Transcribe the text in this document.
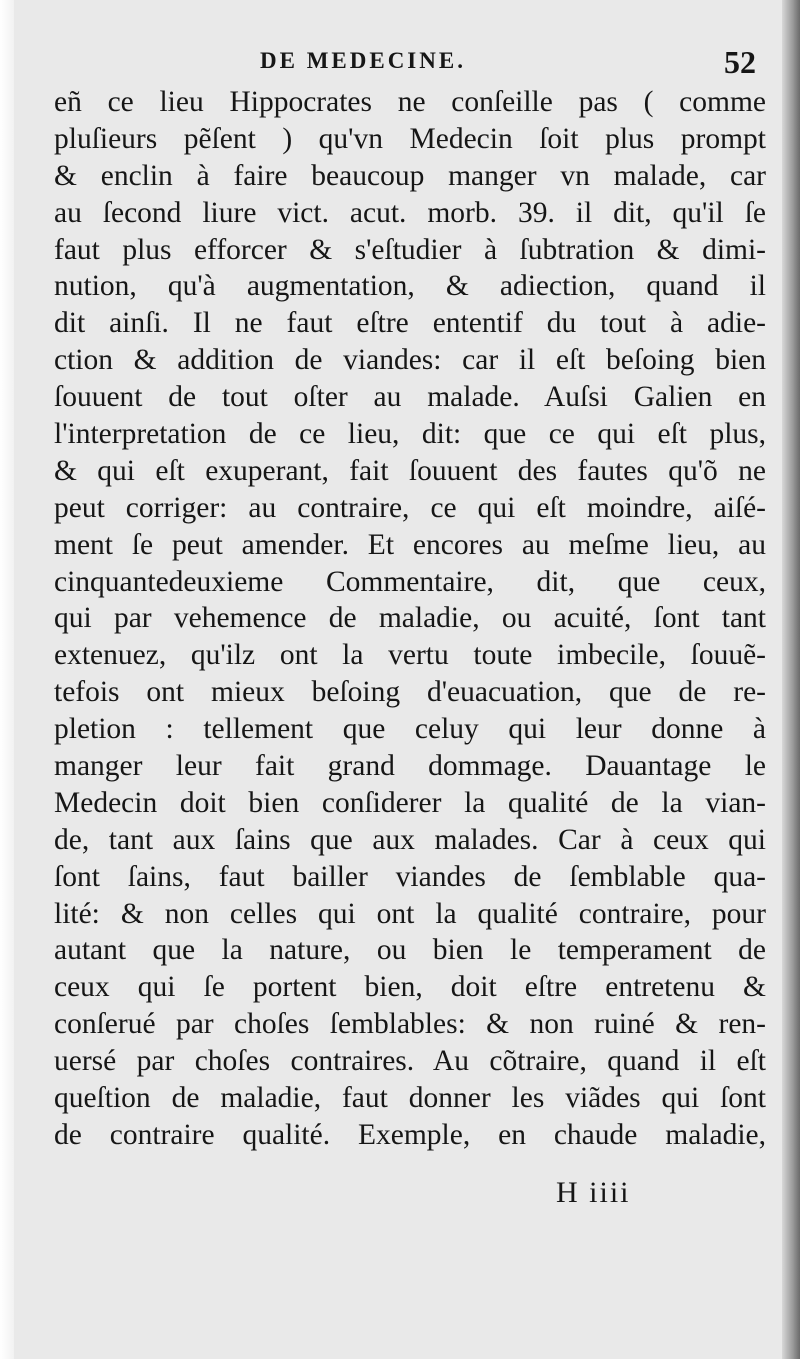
DE MEDECINE.	52
eñ ce lieu Hippocrates ne conſeille pas ( comme
pluſieurs pẽſent ) qu'vn Medecin ſoit plus prompt
& enclin à faire beaucoup manger vn malade, car
au ſecond liure vict. acut. morb. 39. il dit, qu'il ſe
faut plus efforcer & s'eſtudier à ſubtration & dimi-
nution, qu'à augmentation, & adiection, quand il
dit ainſi. Il ne faut eſtre ententif du tout à adie-
ction & addition de viandes: car il eſt beſoing bien
ſouuent de tout oſter au malade. Auſsi Galien en
l'interpretation de ce lieu, dit: que ce qui eſt plus,
& qui eſt exuperant, fait ſouuent des fautes qu'õ ne
peut corriger: au contraire, ce qui eſt moindre, aiſé-
ment ſe peut amender. Et encores au meſme lieu, au
cinquantedeuxieme Commentaire, dit, que ceux,
qui par vehemence de maladie, ou acuité, ſont tant
extenuez, qu'ilz ont la vertu toute imbecile, ſouuẽ-
tefois ont mieux beſoing d'euacuation, que de re-
pletion : tellement que celuy qui leur donne à
manger leur fait grand dommage. Dauantage le
Medecin doit bien conſiderer la qualité de la vian-
de, tant aux ſains que aux malades. Car à ceux qui
ſont ſains, faut bailler viandes de ſemblable qua-
lité: & non celles qui ont la qualité contraire, pour
autant que la nature, ou bien le temperament de
ceux qui ſe portent bien, doit eſtre entretenu &
conſerué par choſes ſemblables: & non ruiné & ren-
uersé par choſes contraires. Au cõtraire, quand il eſt
queſtion de maladie, faut donner les viãdes qui ſont
de contraire qualité. Exemple, en chaude maladie,
H iiii
